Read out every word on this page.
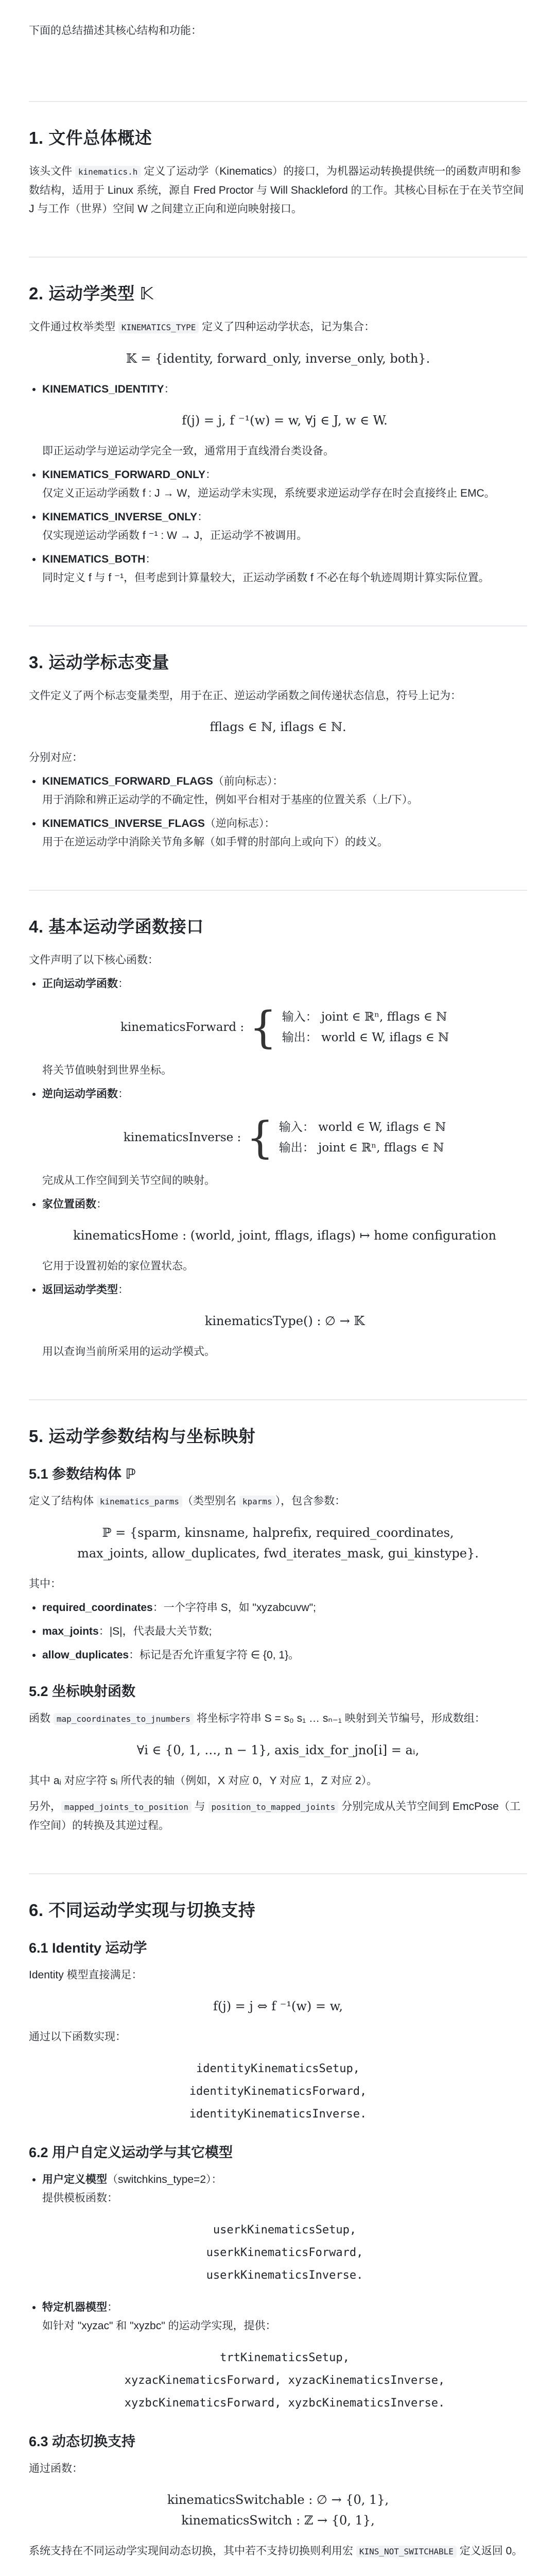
下面的总结描述其核心结构和功能：

1. 文件总体概述

该头文件 kinematics.h 定义了运动学（Kinematics）的接口，为机器运动转换提供统一的函数声明和参数结构，适用于 Linux 系统，源自 Fred Proctor 与 Will Shackleford 的工作。其核心目标在于在关节空间 J 与工作（世界）空间 W 之间建立正向和逆向映射接口。

2. 运动学类型 𝕂

文件通过枚举类型 KINEMATICS_TYPE 定义了四种运动学状态，记为集合：

𝕂 = {identity, forward_only, inverse_only, both}.
• KINEMATICS_IDENTITY：
f(j) = j, f ⁻¹(w) = w, ∀j ∈ J, w ∈ W.
即正运动学与逆运动学完全一致，通常用于直线滑台类设备。
• KINEMATICS_FORWARD_ONLY：
仅定义正运动学函数 f : J → W，逆运动学未实现，系统要求逆运动学存在时会直接终止 EMC。
• KINEMATICS_INVERSE_ONLY：
仅实现逆运动学函数 f ⁻¹ : W → J，正运动学不被调用。
• KINEMATICS_BOTH：
同时定义 f 与 f ⁻¹，但考虑到计算量较大，正运动学函数 f 不必在每个轨迹周期计算实际位置。
3. 运动学标志变量

文件定义了两个标志变量类型，用于在正、逆运动学函数之间传递状态信息，符号上记为：

fflags ∈ ℕ, iflags ∈ ℕ.

分别对应：

• KINEMATICS_FORWARD_FLAGS（前向标志）：
用于消除和辨正运动学的不确定性，例如平台相对于基座的位置关系（上/下）。
• KINEMATICS_INVERSE_FLAGS（逆向标志）：
用于在逆运动学中消除关节角多解（如手臂的肘部向上或向下）的歧义。
4. 基本运动学函数接口

文件声明了以下核心函数：

• 正向运动学函数：
kinematicsForward : { 输入： joint ∈ ℝⁿ, fflags ∈ ℕ
输出： world ∈ W, iflags ∈ ℕ
将关节值映射到世界坐标。
• 逆向运动学函数：
kinematicsInverse : { 输入： world ∈ W, iflags ∈ ℕ
输出： joint ∈ ℝⁿ, fflags ∈ ℕ
完成从工作空间到关节空间的映射。
• 家位置函数：
kinematicsHome : (world, joint, fflags, iflags) ↦ home configuration
它用于设置初始的家位置状态。
• 返回运动学类型：
kinematicsType() : ∅ → 𝕂
用以查询当前所采用的运动学模式。
5. 运动学参数结构与坐标映射
5.1 参数结构体 ℙ

定义了结构体 kinematics_parms （类型别名 kparms ），包含参数：

ℙ = {sparm, kinsname, halprefix, required_coordinates,
max_joints, allow_duplicates, fwd_iterates_mask, gui_kinstype}.

其中：

• required_coordinates：一个字符串 S，如 "xyzabcuvw";
• max_joints：|S|，代表最大关节数;
• allow_duplicates：标记是否允许重复字符 ∈ {0, 1}。
5.2 坐标映射函数

函数 map_coordinates_to_jnumbers 将坐标字符串 S = s₀ s₁ … sₙ₋₁ 映射到关节编号，形成数组：

∀i ∈ {0, 1, …, n − 1}, axis_idx_for_jno[i] = aᵢ,

其中 aᵢ 对应字符 sᵢ 所代表的轴（例如，X 对应 0，Y 对应 1，Z 对应 2）。

另外， mapped_joints_to_position 与 position_to_mapped_joints 分别完成从关节空间到 EmcPose（工作空间）的转换及其逆过程。

6. 不同运动学实现与切换支持
6.1 Identity 运动学

Identity 模型直接满足：

f(j) = j ⇔ f ⁻¹(w) = w,

通过以下函数实现：

identityKinematicsSetup,
identityKinematicsForward,
identityKinematicsInverse.
6.2 用户自定义运动学与其它模型
• 用户定义模型（switchkins_type=2）：
提供模板函数：
userkKinematicsSetup,
userkKinematicsForward,
userkKinematicsInverse.
• 特定机器模型：
如针对 "xyzac" 和 "xyzbc" 的运动学实现，提供：
trtKinematicsSetup,
xyzacKinematicsForward, xyzacKinematicsInverse,
xyzbcKinematicsForward, xyzbcKinematicsInverse.
6.3 动态切换支持

通过函数：

kinematicsSwitchable : ∅ → {0, 1},
kinematicsSwitch : ℤ → {0, 1},

系统支持在不同运动学实现间动态切换，其中若不支持切换则利用宏 KINS_NOT_SWITCHABLE 定义返回 0。
